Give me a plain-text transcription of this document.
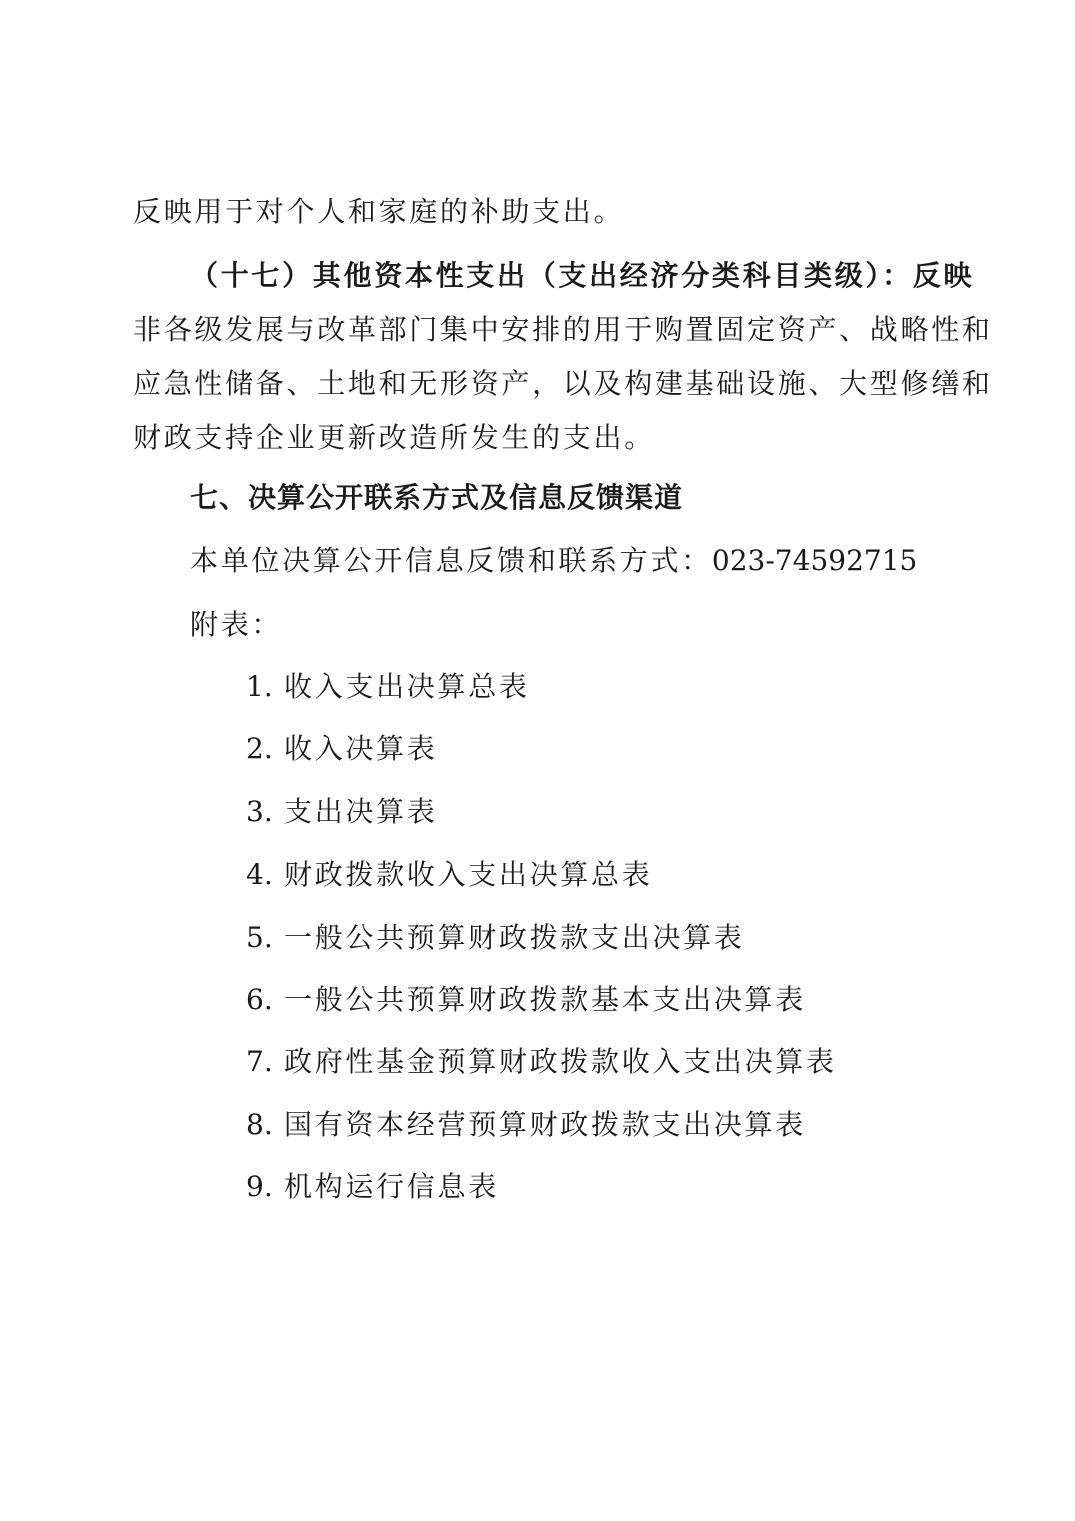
反映用于对个人和家庭的补助支出。
（十七）其他资本性支出（支出经济分类科目类级）：反映
非各级发展与改革部门集中安排的用于购置固定资产、战略性和
应急性储备、土地和无形资产，以及构建基础设施、大型修缮和
财政支持企业更新改造所发生的支出。
七、决算公开联系方式及信息反馈渠道
本单位决算公开信息反馈和联系方式：023-74592715
附表：
1. 收入支出决算总表
2. 收入决算表
3. 支出决算表
4. 财政拨款收入支出决算总表
5. 一般公共预算财政拨款支出决算表
6. 一般公共预算财政拨款基本支出决算表
7. 政府性基金预算财政拨款收入支出决算表
8. 国有资本经营预算财政拨款支出决算表
9. 机构运行信息表
